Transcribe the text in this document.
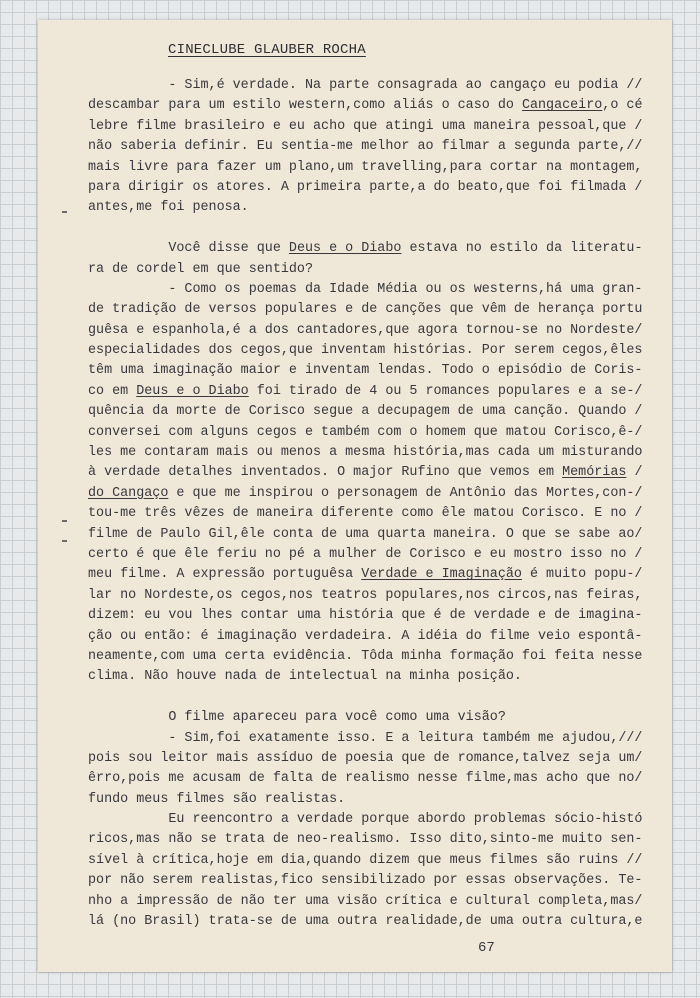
CINECLUBE GLAUBER ROCHA
- Sim,é verdade. Na parte consagrada ao cangaço eu podia //
descambar para um estilo western,como aliás o caso do Cangaceiro,o cé
lebre filme brasileiro e eu acho que atingi uma maneira pessoal,que /
não saberia definir. Eu sentia-me melhor ao filmar a segunda parte,//
mais livre para fazer um plano,um travelling,para cortar na montagem,
para dirigir os atores. A primeira parte,a do beato,que foi filmada /
antes,me foi penosa.
Você disse que Deus e o Diabo estava no estilo da literatu-
ra de cordel em que sentido?
- Como os poemas da Idade Média ou os westerns,há uma gran-
de tradição de versos populares e de canções que vêm de herança portu
guêsa e espanhola,é a dos cantadores,que agora tornou-se no Nordeste/
especialidades dos cegos,que inventam histórias. Por serem cegos,êles
têm uma imaginação maior e inventam lendas. Todo o episódio de Coris-
co em Deus e o Diabo foi tirado de 4 ou 5 romances populares e a se-/
quência da morte de Corisco segue a decupagem de uma canção. Quando /
conversei com alguns cegos e também com o homem que matou Corisco,ê-/
les me contaram mais ou menos a mesma história,mas cada um misturando
à verdade detalhes inventados. O major Rufino que vemos em Memórias /
do Cangaço e que me inspirou o personagem de Antônio das Mortes,con-/
tou-me três vêzes de maneira diferente como êle matou Corisco. E no /
filme de Paulo Gil,êle conta de uma quarta maneira. O que se sabe ao/
certo é que êle feriu no pé a mulher de Corisco e eu mostro isso no /
meu filme. A expressão portuguêsa Verdade e Imaginação é muito popu-/
lar no Nordeste,os cegos,nos teatros populares,nos circos,nas feiras,
dizem: eu vou lhes contar uma história que é de verdade e de imagina-
ção ou então: é imaginação verdadeira. A idéia do filme veio espontâ-
neamente,com uma certa evidência. Tôda minha formação foi feita nesse
clima. Não houve nada de intelectual na minha posição.
O filme apareceu para você como uma visão?
- Sim,foi exatamente isso. E a leitura também me ajudou,///
pois sou leitor mais assíduo de poesia que de romance,talvez seja um/
êrro,pois me acusam de falta de realismo nesse filme,mas acho que no/
fundo meus filmes são realistas.
Eu reencontro a verdade porque abordo problemas sócio-histó
ricos,mas não se trata de neo-realismo. Isso dito,sinto-me muito sen-
sível à crítica,hoje em dia,quando dizem que meus filmes são ruins //
por não serem realistas,fico sensibilizado por essas observações. Te-
nho a impressão de não ter uma visão crítica e cultural completa,mas/
lá (no Brasil) trata-se de uma outra realidade,de uma outra cultura,e
67
